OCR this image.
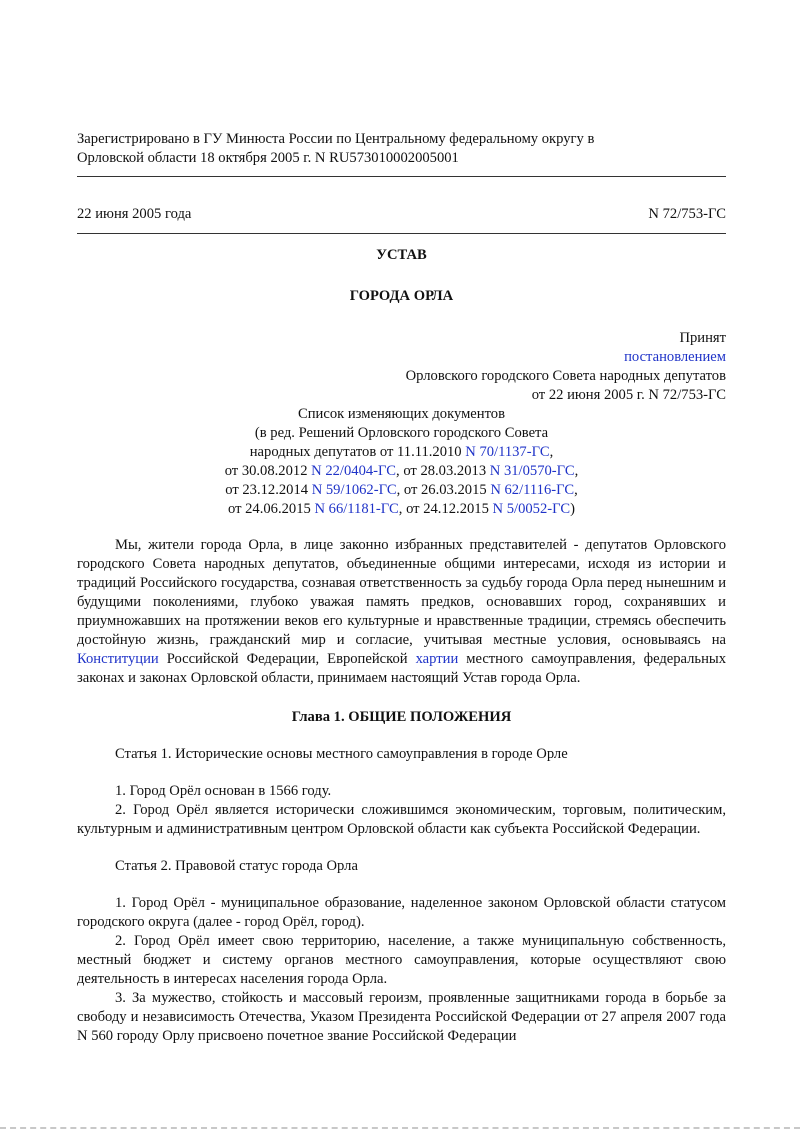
Зарегистрировано в ГУ Минюста России по Центральному федеральному округу в

Орловской области 18 октября 2005 г. N RU573010002005001

22 июня 2005 года	N 72/753-ГС

УСТАВ

ГОРОДА ОРЛА

Принят

постановлением

Орловского городского Совета народных депутатов

от 22 июня 2005 г. N 72/753-ГС

Список изменяющих документов

(в ред. Решений Орловского городского Совета

народных депутатов от 11.11.2010 N 70/1137-ГС,

от 30.08.2012 N 22/0404-ГС, от 28.03.2013 N 31/0570-ГС,

от 23.12.2014 N 59/1062-ГС, от 26.03.2015 N 62/1116-ГС,

от 24.06.2015 N 66/1181-ГС, от 24.12.2015 N 5/0052-ГС)

Мы, жители города Орла, в лице законно избранных представителей - депутатов Орловского городского Совета народных депутатов, объединенные общими интересами, исходя из истории и традиций Российского государства, сознавая ответственность за судьбу города Орла перед нынешним и будущими поколениями, глубоко уважая память предков, основавших город, сохранявших и приумножавших на протяжении веков его культурные и нравственные традиции, стремясь обеспечить достойную жизнь, гражданский мир и согласие, учитывая местные условия, основываясь на Конституции Российской Федерации, Европейской хартии местного самоуправления, федеральных законах и законах Орловской области, принимаем настоящий Устав города Орла.

Глава 1. ОБЩИЕ ПОЛОЖЕНИЯ

Статья 1. Исторические основы местного самоуправления в городе Орле

1. Город Орёл основан в 1566 году.

2. Город Орёл является исторически сложившимся экономическим, торговым, политическим, культурным и административным центром Орловской области как субъекта Российской Федерации.

Статья 2. Правовой статус города Орла

1. Город Орёл - муниципальное образование, наделенное законом Орловской области статусом городского округа (далее - город Орёл, город).

2. Город Орёл имеет свою территорию, население, а также муниципальную собственность, местный бюджет и систему органов местного самоуправления, которые осуществляют свою деятельность в интересах населения города Орла.

3. За мужество, стойкость и массовый героизм, проявленные защитниками города в борьбе за свободу и независимость Отечества, Указом Президента Российской Федерации от 27 апреля 2007 года N 560 городу Орлу присвоено почетное звание Российской Федерации
